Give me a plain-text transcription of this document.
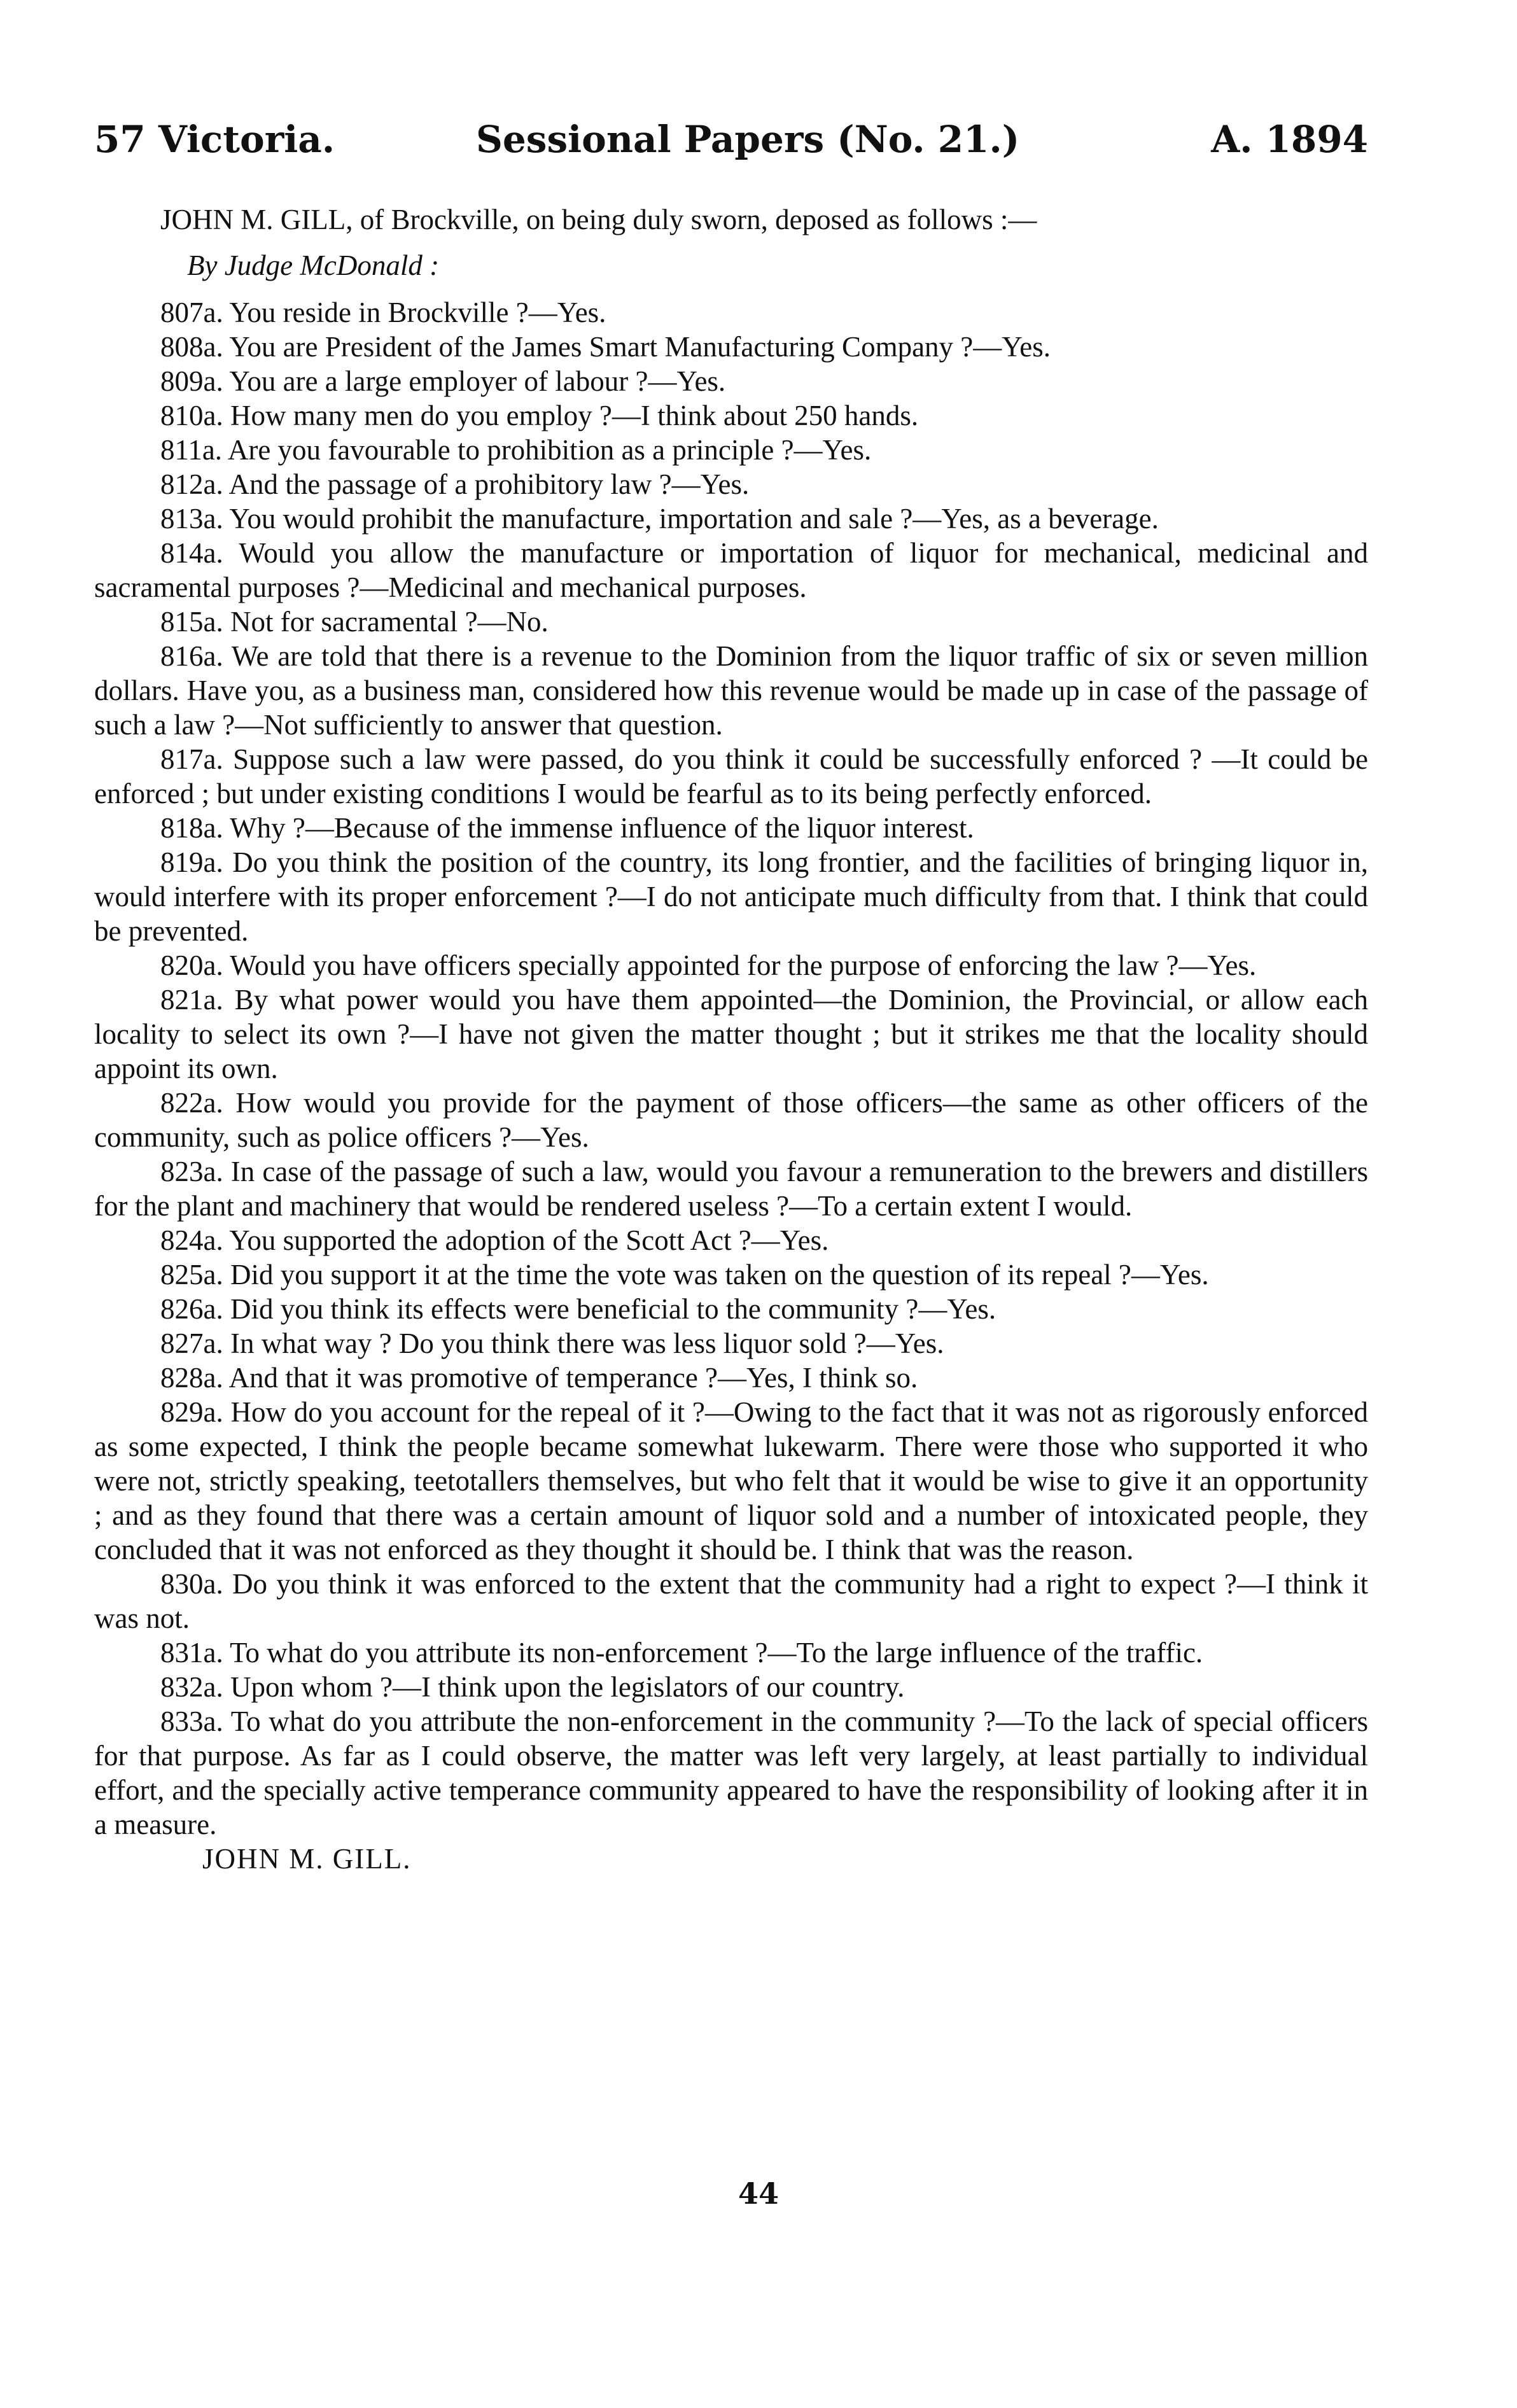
57 Victoria.	Sessional Papers (No. 21.)	A. 1894

JOHN M. GILL, of Brockville, on being duly sworn, deposed as follows :—

By Judge McDonald :

807a. You reside in Brockville ?—Yes.

808a. You are President of the James Smart Manufacturing Company ?—Yes.

809a. You are a large employer of labour ?—Yes.

810a. How many men do you employ ?—I think about 250 hands.

811a. Are you favourable to prohibition as a principle ?—Yes.

812a. And the passage of a prohibitory law ?—Yes.

813a. You would prohibit the manufacture, importation and sale ?—Yes, as a beverage.

814a. Would you allow the manufacture or importation of liquor for mechanical, medicinal and sacramental purposes ?—Medicinal and mechanical purposes.

815a. Not for sacramental ?—No.

816a. We are told that there is a revenue to the Dominion from the liquor traffic of six or seven million dollars. Have you, as a business man, considered how this revenue would be made up in case of the passage of such a law ?—Not sufficiently to answer that question.

817a. Suppose such a law were passed, do you think it could be successfully enforced ? —It could be enforced ; but under existing conditions I would be fearful as to its being perfectly enforced.

818a. Why ?—Because of the immense influence of the liquor interest.

819a. Do you think the position of the country, its long frontier, and the facilities of bringing liquor in, would interfere with its proper enforcement ?—I do not anticipate much difficulty from that. I think that could be prevented.

820a. Would you have officers specially appointed for the purpose of enforcing the law ?—Yes.

821a. By what power would you have them appointed—the Dominion, the Provincial, or allow each locality to select its own ?—I have not given the matter thought ; but it strikes me that the locality should appoint its own.

822a. How would you provide for the payment of those officers—the same as other officers of the community, such as police officers ?—Yes.

823a. In case of the passage of such a law, would you favour a remuneration to the brewers and distillers for the plant and machinery that would be rendered useless ?—To a certain extent I would.

824a. You supported the adoption of the Scott Act ?—Yes.

825a. Did you support it at the time the vote was taken on the question of its repeal ?—Yes.

826a. Did you think its effects were beneficial to the community ?—Yes.

827a. In what way ? Do you think there was less liquor sold ?—Yes.

828a. And that it was promotive of temperance ?—Yes, I think so.

829a. How do you account for the repeal of it ?—Owing to the fact that it was not as rigorously enforced as some expected, I think the people became somewhat lukewarm. There were those who supported it who were not, strictly speaking, teetotallers themselves, but who felt that it would be wise to give it an opportunity ; and as they found that there was a certain amount of liquor sold and a number of intoxicated people, they concluded that it was not enforced as they thought it should be. I think that was the reason.

830a. Do you think it was enforced to the extent that the community had a right to expect ?—I think it was not.

831a. To what do you attribute its non-enforcement ?—To the large influence of the traffic.

832a. Upon whom ?—I think upon the legislators of our country.

833a. To what do you attribute the non-enforcement in the community ?—To the lack of special officers for that purpose. As far as I could observe, the matter was left very largely, at least partially to individual effort, and the specially active temperance community appeared to have the responsibility of looking after it in a measure.

JOHN M. GILL.

44
